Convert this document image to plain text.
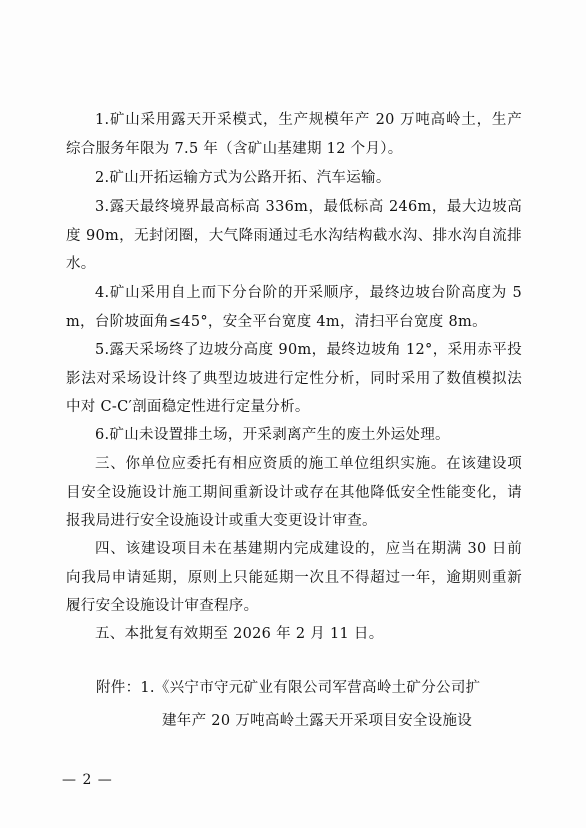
1.矿山采用露天开采模式，生产规模年产 20 万吨高岭土，生产综合服务年限为 7.5 年（含矿山基建期 12 个月）。
2.矿山开拓运输方式为公路开拓、汽车运输。
3.露天最终境界最高标高 336m，最低标高 246m，最大边坡高度 90m，无封闭圈，大气降雨通过毛水沟结构截水沟、排水沟自流排水。
4.矿山采用自上而下分台阶的开采顺序，最终边坡台阶高度为 5m，台阶坡面角≤45°，安全平台宽度 4m，清扫平台宽度 8m。
5.露天采场终了边坡分高度 90m，最终边坡角 12°，采用赤平投影法对采场设计终了典型边坡进行定性分析，同时采用了数值模拟法中对 C-C′剖面稳定性进行定量分析。
6.矿山未设置排土场，开采剥离产生的废土外运处理。
三、你单位应委托有相应资质的施工单位组织实施。在该建设项目安全设施设计施工期间重新设计或存在其他降低安全性能变化，请报我局进行安全设施设计或重大变更设计审查。
四、该建设项目未在基建期内完成建设的，应当在期满 30 日前向我局申请延期，原则上只能延期一次且不得超过一年，逾期则重新履行安全设施设计审查程序。
五、本批复有效期至 2026 年 2 月 11 日。
附件：1.《兴宁市守元矿业有限公司军营高岭土矿分公司扩
建年产 20 万吨高岭土露天开采项目安全设施设
— 2 —
